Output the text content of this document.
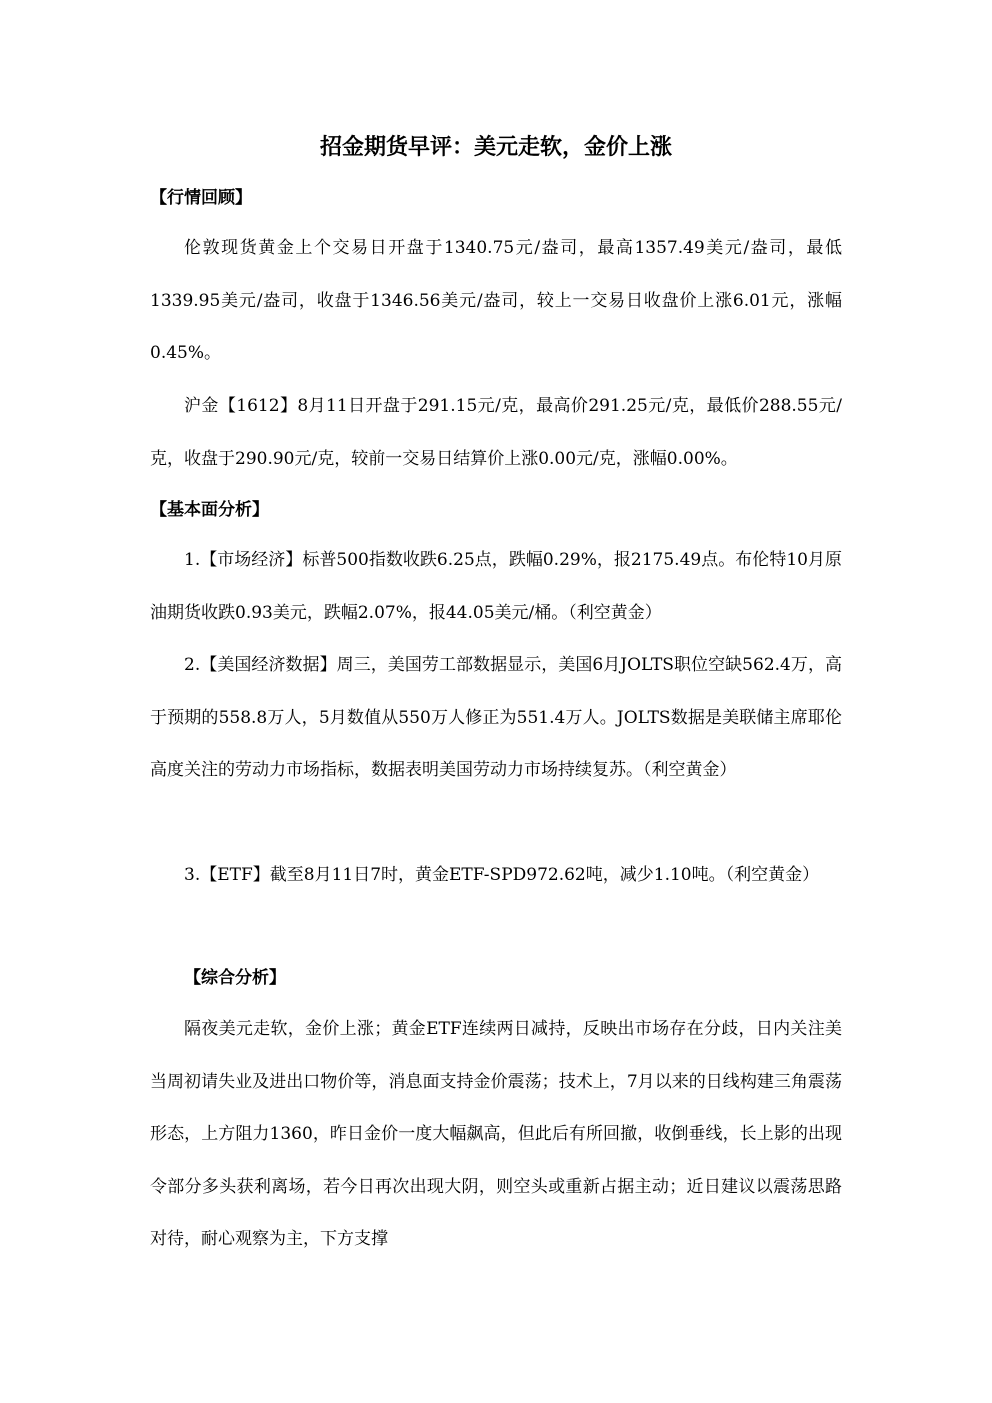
招金期货早评：美元走软，金价上涨
【行情回顾】

伦敦现货黄金上个交易日开盘于1340.75元/盎司，最高1357.49美元/盎司，最低1339.95美元/盎司，收盘于1346.56美元/盎司，较上一交易日收盘价上涨6.01元，涨幅0.45%。

沪金【1612】8月11日开盘于291.15元/克，最高价291.25元/克，最低价288.55元/克，收盘于290.90元/克，较前一交易日结算价上涨0.00元/克，涨幅0.00%。

【基本面分析】

1.【市场经济】标普500指数收跌6.25点，跌幅0.29%，报2175.49点。布伦特10月原油期货收跌0.93美元，跌幅2.07%，报44.05美元/桶。（利空黄金）

2.【美国经济数据】周三，美国劳工部数据显示，美国6月JOLTS职位空缺562.4万，高于预期的558.8万人，5月数值从550万人修正为551.4万人。JOLTS数据是美联储主席耶伦高度关注的劳动力市场指标，数据表明美国劳动力市场持续复苏。（利空黄金）

3.【ETF】截至8月11日7时，黄金ETF-SPD972.62吨，减少1.10吨。（利空黄金）

【综合分析】

隔夜美元走软，金价上涨；黄金ETF连续两日减持，反映出市场存在分歧，日内关注美当周初请失业及进出口物价等，消息面支持金价震荡；技术上，7月以来的日线构建三角震荡形态，上方阻力1360，昨日金价一度大幅飙高，但此后有所回撤，收倒垂线，长上影的出现令部分多头获利离场，若今日再次出现大阴，则空头或重新占据主动；近日建议以震荡思路对待，耐心观察为主，下方支撑
